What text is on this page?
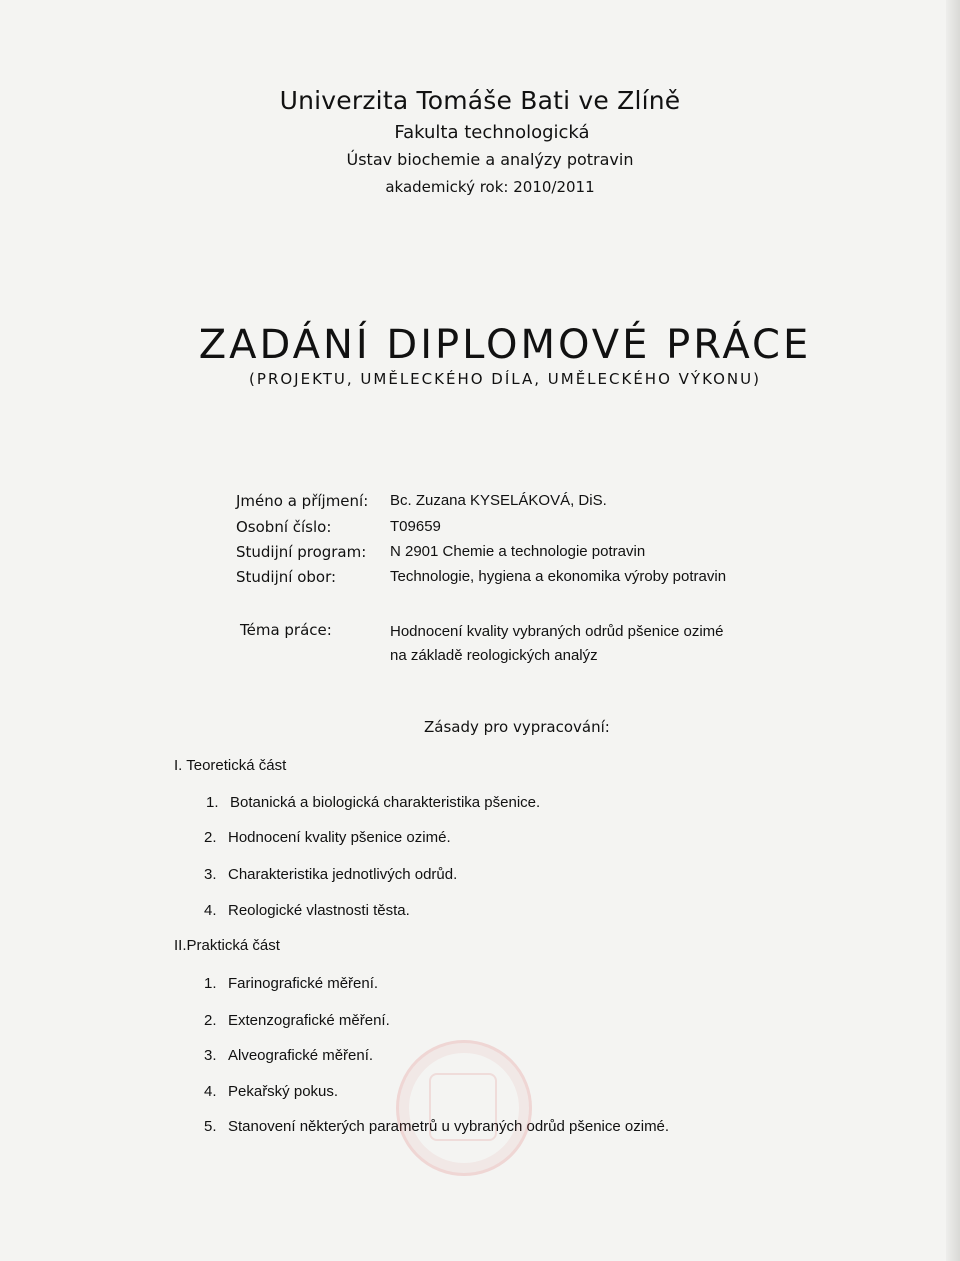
Univerzita Tomáše Bati ve Zlíně
Fakulta technologická
Ústav biochemie a analýzy potravin
akademický rok: 2010/2011
ZADÁNÍ DIPLOMOVÉ PRÁCE
(PROJEKTU, UMĚLECKÉHO DÍLA, UMĚLECKÉHO VÝKONU)
Jméno a příjmení: Bc. Zuzana KYSELÁKOVÁ, DiS.
Osobní číslo:	T09659
Studijní program: N 2901 Chemie a technologie potravin
Studijní obor:	Technologie, hygiena a ekonomika výroby potravin
Téma práce:	Hodnocení kvality vybraných odrůd pšenice ozimé
na základě reologických analýz
Zásady pro vypracování:
I. Teoretická část
1. Botanická a biologická charakteristika pšenice.
2. Hodnocení kvality pšenice ozimé.
3. Charakteristika jednotlivých odrůd.
4. Reologické vlastnosti těsta.
II.Praktická část
1. Farinografické měření.
2. Extenzografické měření.
3. Alveografické měření.
4. Pekařský pokus.
5. Stanovení některých parametrů u vybraných odrůd pšenice ozimé.
